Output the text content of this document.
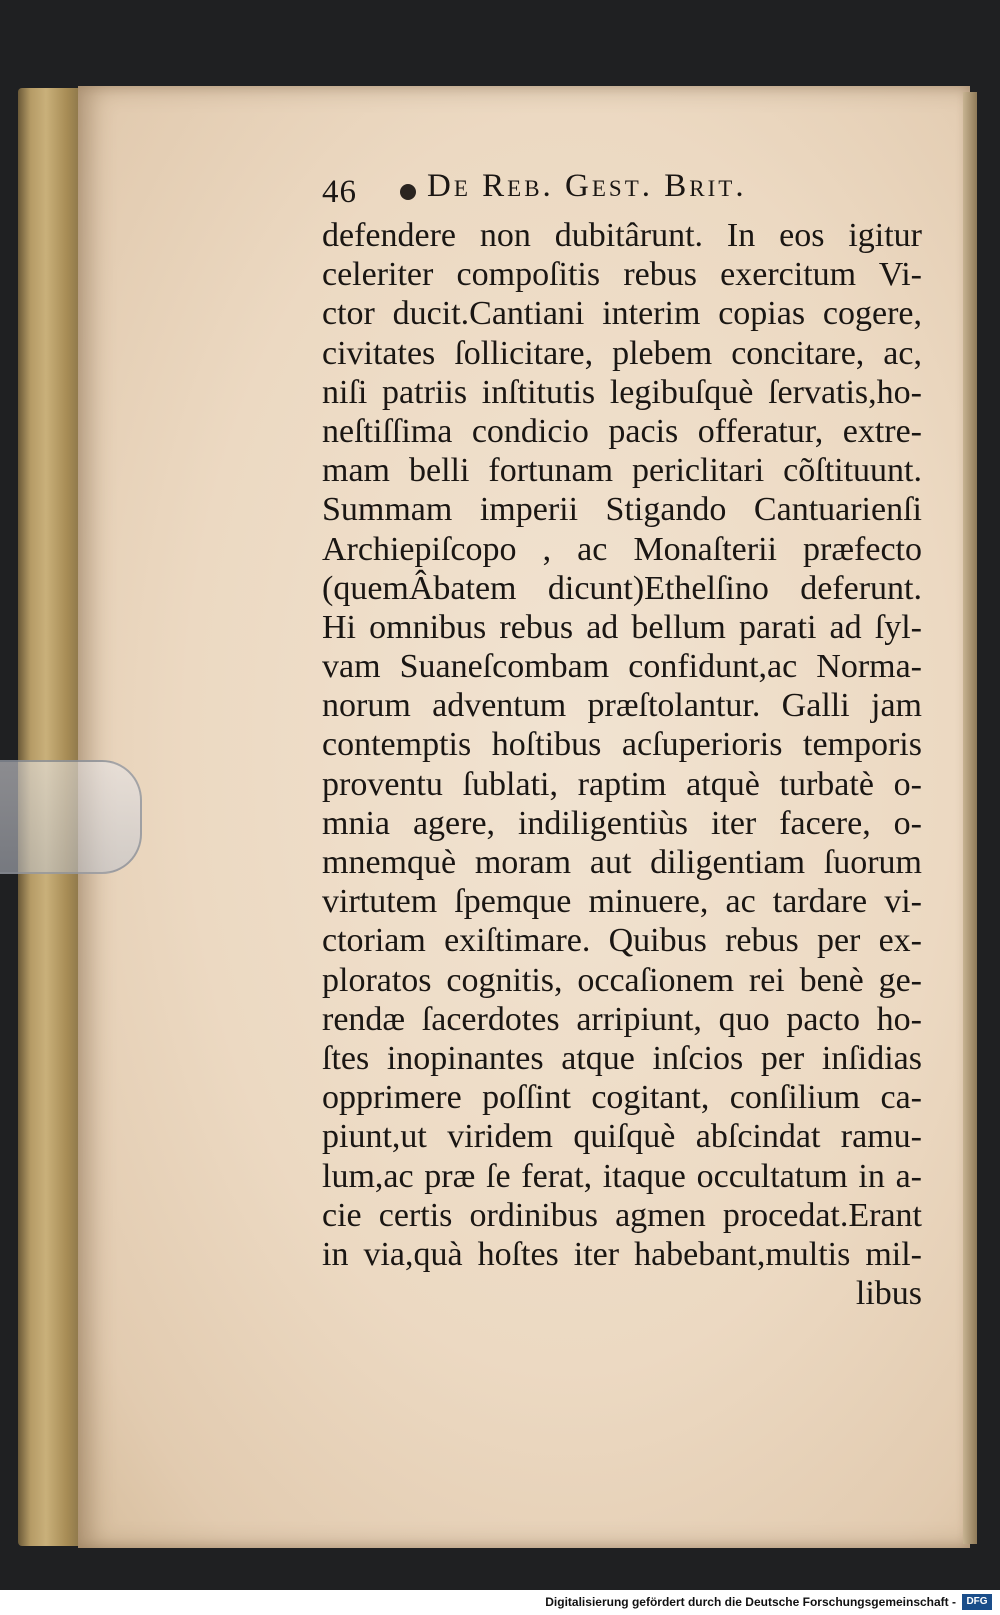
46 De Reb. Gest. Brit.
defendere non dubitârunt. In eos igitur
celeriter compoſitis rebus exercitum Vi-
ctor ducit.Cantiani interim copias cogere,
civitates ſollicitare, plebem concitare, ac,
niſi patriis inſtitutis legibuſquè ſervatis,ho-
neſtiſſima condicio pacis offeratur, extre-
mam belli fortunam periclitari cõſtituunt.
Summam imperii Stigando Cantuarienſi
Archiepiſcopo , ac Monaſterii præfecto
(quemÂbatem dicunt)Ethelſino deferunt.
Hi omnibus rebus ad bellum parati ad ſyl-
vam Suaneſcombam confidunt,ac Norma-
norum adventum præſtolantur. Galli jam
contemptis hoſtibus acſuperioris temporis
proventu ſublati, raptim atquè turbatè o-
mnia agere, indiligentiùs iter facere, o-
mnemquè moram aut diligentiam ſuorum
virtutem ſpemque minuere, ac tardare vi-
ctoriam exiſtimare. Quibus rebus per ex-
ploratos cognitis, occaſionem rei benè ge-
rendæ ſacerdotes arripiunt, quo pacto ho-
ſtes inopinantes atque inſcios per inſidias
opprimere poſſint cogitant, conſilium ca-
piunt,ut viridem quiſquè abſcindat ramu-
lum,ac præ ſe ferat, itaque occultatum in a-
cie certis ordinibus agmen procedat.Erant
in via,quà hoſtes iter habebant,multis mil-
libus
Digitalisierung gefördert durch die Deutsche Forschungsgemeinschaft -	DFG
